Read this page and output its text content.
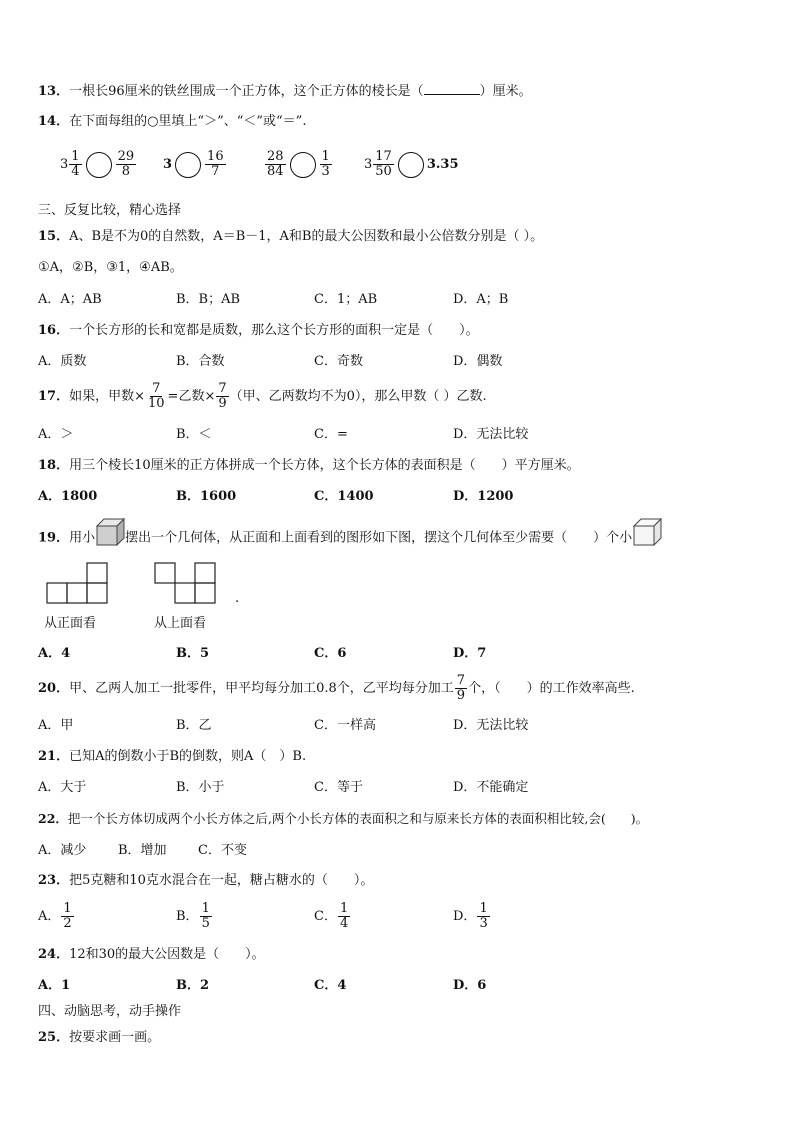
13．一根长96厘米的铁丝围成一个正方体，这个正方体的棱长是（	）厘米。
14．在下面每组的○里填上“＞”、“＜”或“＝”.
$3 \frac{1}{4}$	$\frac{29}{8} 3$	$\frac{16}{7}$	$\frac{28}{84}$	$\frac{1}{3} 3 \frac{17}{50}$	3.35
三、反复比较，精心选择
15．A、B是不为0的自然数，A＝B－1，A和B的最大公因数和最小公倍数分别是（ ）。
①A，②B，③1，④AB。
A．A；AB	B．B；AB	C．1；AB	D．A；B
16．一个长方形的长和宽都是质数，那么这个长方形的面积一定是（　　）。
A．质数	B．合数	C．奇数	D．偶数
17．如果，甲数× $\frac{7}{10}$ =乙数× $\frac{7}{9}$ （甲、乙两数均不为0），那么甲数（ ）乙数.
A．＞	B．＜	C．=	D．无法比较
18．用三个棱长10厘米的正方体拼成一个长方体，这个长方体的表面积是（　　）平方厘米。
A．1800	B．1600	C．1400	D．1200
19．用小 摆出一个几何体，从正面和上面看到的图形如下图，摆这个几何体至少需要（　　）个小
从正面看	从上面看
.
A．4	B．5	C．6	D．7
20．甲、乙两人加工一批零件，甲平均每分加工0.8个，乙平均每分加工 $\frac{7}{9}$ 个，（　　）的工作效率高些.
A．甲	B．乙	C．一样高	D．无法比较
21．已知A的倒数小于B的倒数，则A（　）B.
A．大于	B．小于	C．等于	D．不能确定
22．把一个长方体切成两个小长方体之后,两个小长方体的表面积之和与原来长方体的表面积相比较,会(　　)。
A．减少 B．增加 C．不变
23．把5克糖和10克水混合在一起，糖占糖水的（　　）。
A． $\frac{1}{2}$	B． $\frac{1}{5}$	C． $\frac{1}{4}$	D． $\frac{1}{3}$
24．12和30的最大公因数是（　　）。
A．1	B．2	C．4	D．6
四、动脑思考，动手操作
25．按要求画一画。
